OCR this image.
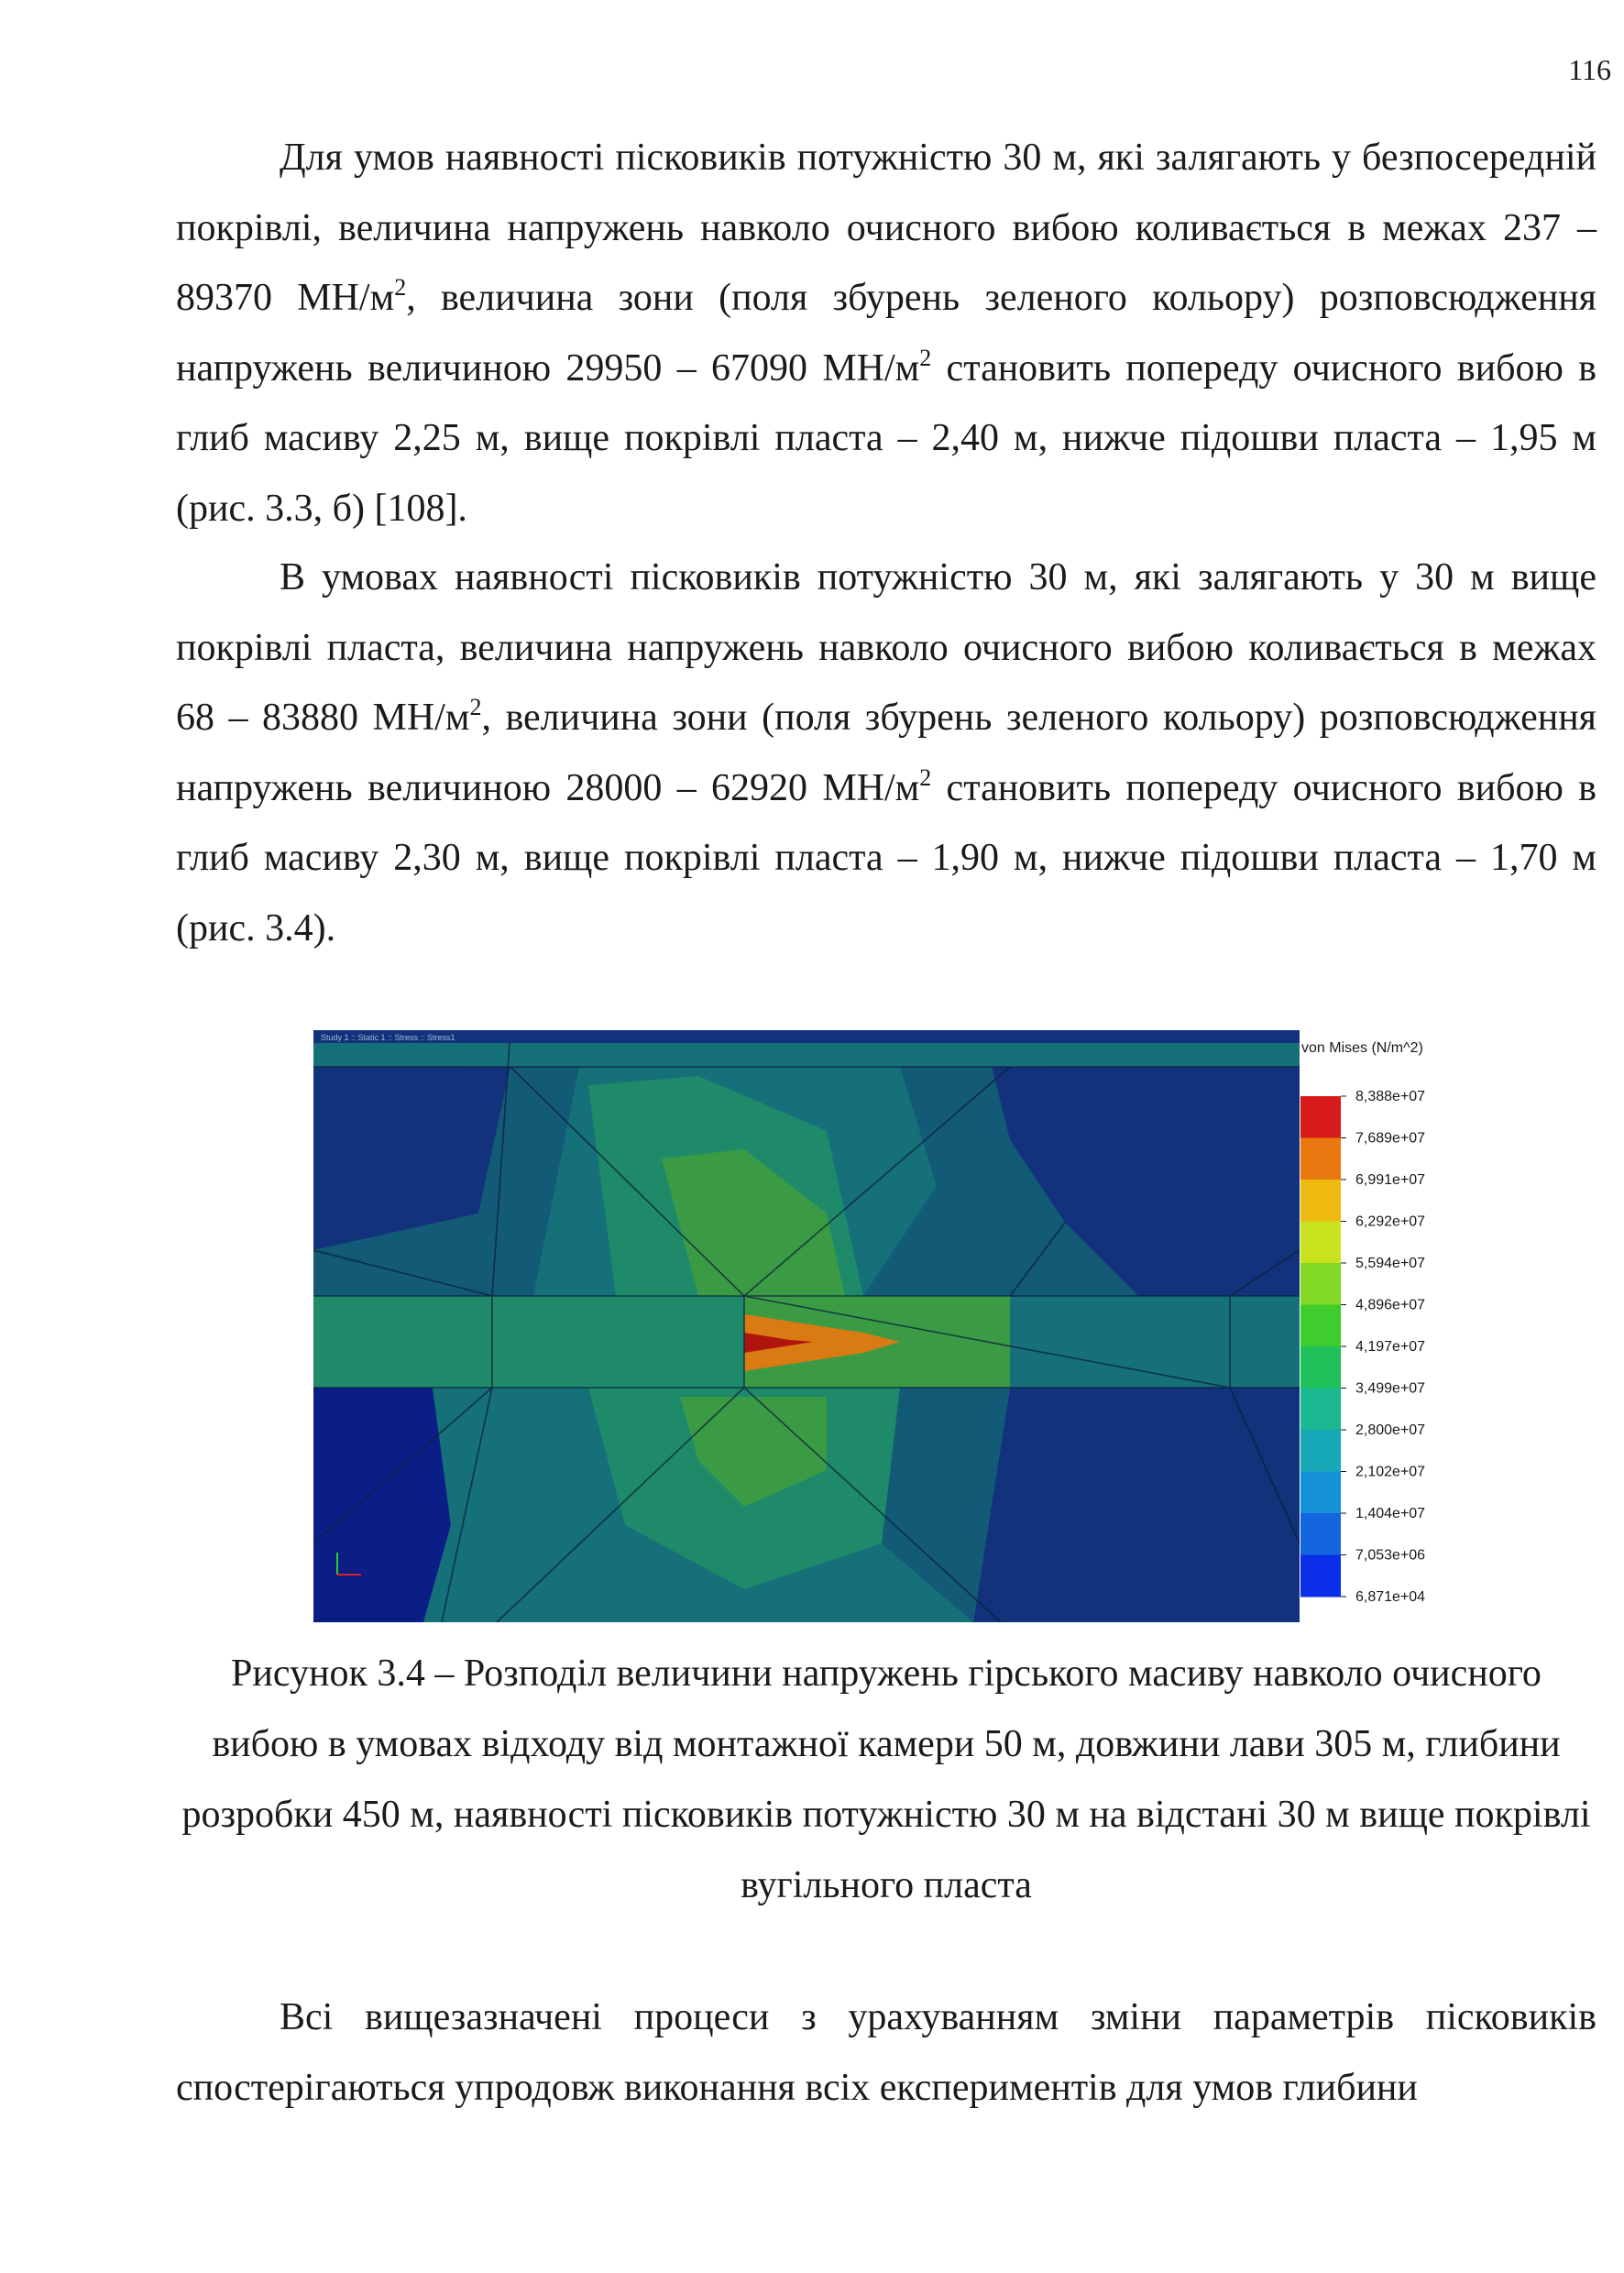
116

Для умов наявності пісковиків потужністю 30 м, які залягають у безпосередній покрівлі, величина напружень навколо очисного вибою коливається в межах 237 – 89370 $МН/м^2$, величина зони (поля збурень зеленого кольору) розповсюдження напружень величиною 29950 – 67090 $МН/м^2$ становить попереду очисного вибою в глиб масиву 2,25 м, вище покрівлі пласта – 2,40 м, нижче підошви пласта – 1,95 м (рис. 3.3, б) [108].

В умовах наявності пісковиків потужністю 30 м, які залягають у 30 м вище покрівлі пласта, величина напружень навколо очисного вибою коливається в межах 68 – 83880 $МН/м^2$, величина зони (поля збурень зеленого кольору) розповсюдження напружень величиною 28000 – 62920 $МН/м^2$ становить попереду очисного вибою в глиб масиву 2,30 м, вище покрівлі пласта – 1,90 м, нижче підошви пласта – 1,70 м (рис. 3.4).

Study 1 :: Static 1 :: Stress :: Stress1
von Mises (N/m^2)
8,388e+07
7,689e+07
6,991e+07
6,292e+07
5,594e+07
4,896e+07
4,197e+07
3,499e+07
2,800e+07
2,102e+07
1,404e+07
7,053e+06
6,871e+04

Рисунок 3.4 – Розподіл величини напружень гірського масиву навколо очисного вибою в умовах відходу від монтажної камери 50 м, довжини лави 305 м, глибини розробки 450 м, наявності пісковиків потужністю 30 м на відстані 30 м вище покрівлі вугільного пласта

Всі вищезазначені процеси з урахуванням зміни параметрів пісковиків спостерігаються упродовж виконання всіх експериментів для умов глибини
